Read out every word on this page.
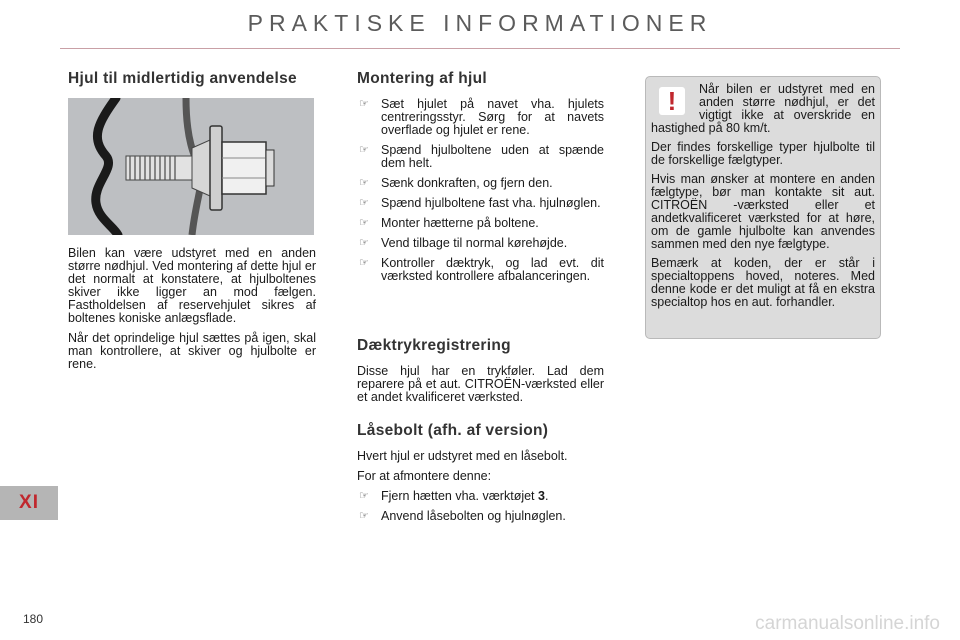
PRAKTISKE INFORMATIONER
Hjul til midlertidig anvendelse

Bilen kan være udstyret med en anden større nødhjul. Ved montering af dette hjul er det normalt at konstatere, at hjulboltenes skiver ikke ligger an mod fælgen. Fastholdelsen af reservehjulet sikres af boltenes koniske anlægsflade.

Når det oprindelige hjul sættes på igen, skal man kontrollere, at skiver og hjulbolte er rene.

Montering af hjul
☞ Sæt hjulet på navet vha. hjulets centreringsstyr. Sørg for at navets overflade og hjulet er rene.
☞ Spænd hjulboltene uden at spænde dem helt.
☞ Sænk donkraften, og fjern den.
☞ Spænd hjulboltene fast vha. hjulnøglen.
☞ Monter hætterne på boltene.
☞ Vend tilbage til normal kørehøjde.
☞ Kontroller dæktryk, og lad evt. dit værksted kontrollere afbalanceringen.
Dæktrykregistrering

Disse hjul har en trykføler. Lad dem reparere på et aut. CITROËN-værksted eller et andet kvalificeret værksted.

Låsebolt (afh. af version)

Hvert hjul er udstyret med en låsebolt.

For at afmontere denne:

☞ Fjern hætten vha. værktøjet 3.
☞ Anvend låsebolten og hjulnøglen.
!	Når bilen er udstyret med en anden større nødhjul, er det vigtigt ikke at overskride en hastighed på 80 km/t.

Der findes forskellige typer hjulbolte til de forskellige fælgtyper.

Hvis man ønsker at montere en anden fælgtype, bør man kontakte sit aut. CITROËN -værksted eller et andetkvalificeret værksted for at høre, om de gamle hjulbolte kan anvendes sammen med den nye fælgtype.

Bemærk at koden, der er står i specialtoppens hoved, noteres. Med denne kode er det muligt at få en ekstra specialtop hos en aut. forhandler.

XI
180	carmanualsonline.info
